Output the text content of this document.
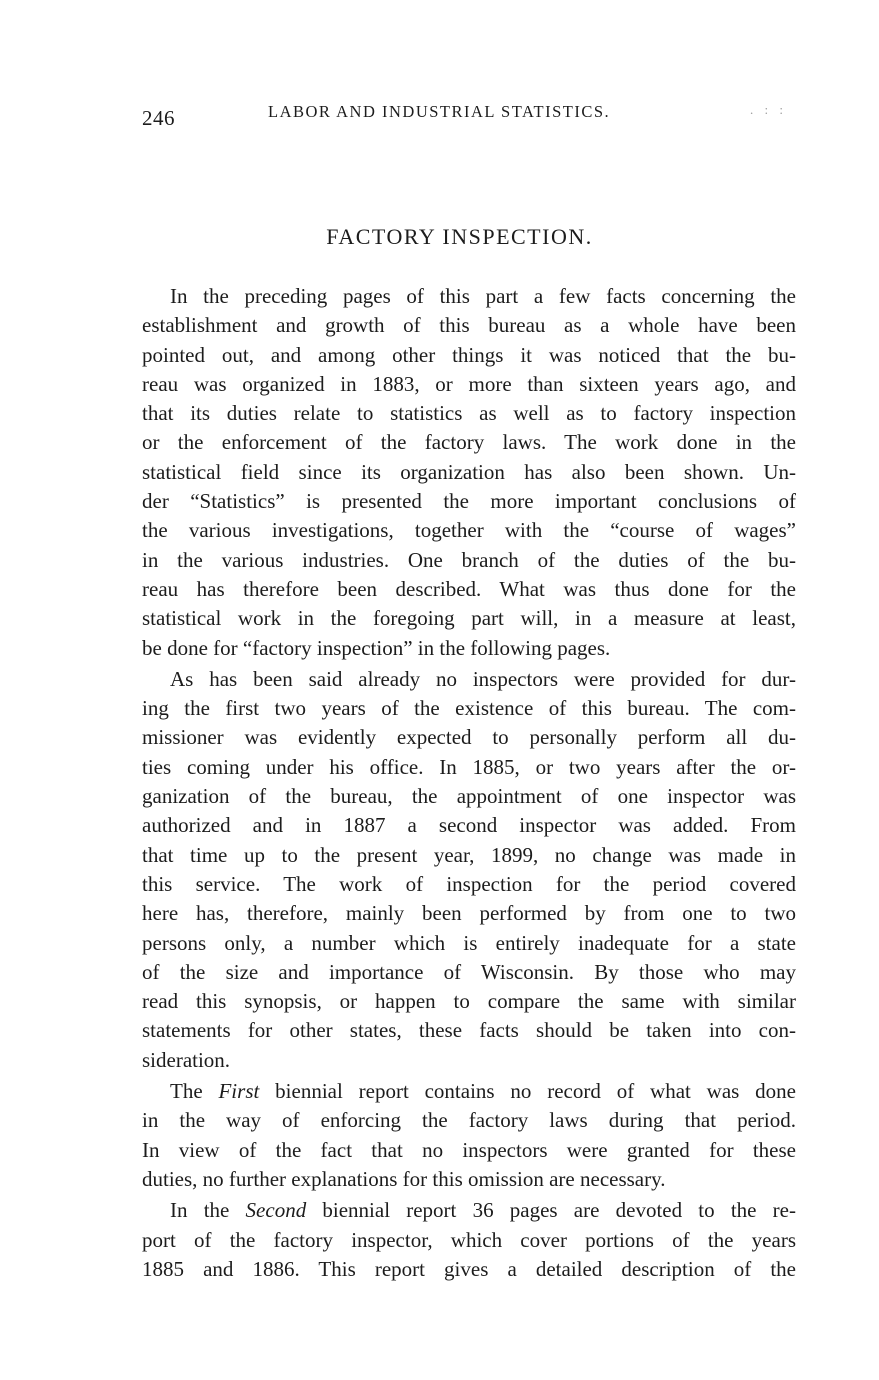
246	LABOR AND INDUSTRIAL STATISTICS.	. : :
FACTORY INSPECTION.
In the preceding pages of this part a few facts concerning the
establishment and growth of this bureau as a whole have been
pointed out, and among other things it was noticed that the bu-
reau was organized in 1883, or more than sixteen years ago, and
that its duties relate to statistics as well as to factory inspection
or the enforcement of the factory laws. The work done in the
statistical field since its organization has also been shown. Un-
der “Statistics” is presented the more important conclusions of
the various investigations, together with the “course of wages”
in the various industries. One branch of the duties of the bu-
reau has therefore been described. What was thus done for the
statistical work in the foregoing part will, in a measure at least,
be done for “factory inspection” in the following pages.
As has been said already no inspectors were provided for dur-
ing the first two years of the existence of this bureau. The com-
missioner was evidently expected to personally perform all du-
ties coming under his office. In 1885, or two years after the or-
ganization of the bureau, the appointment of one inspector was
authorized and in 1887 a second inspector was added. From
that time up to the present year, 1899, no change was made in
this service. The work of inspection for the period covered
here has, therefore, mainly been performed by from one to two
persons only, a number which is entirely inadequate for a state
of the size and importance of Wisconsin. By those who may
read this synopsis, or happen to compare the same with similar
statements for other states, these facts should be taken into con-
sideration.
The First biennial report contains no record of what was done
in the way of enforcing the factory laws during that period.
In view of the fact that no inspectors were granted for these
duties, no further explanations for this omission are necessary.
In the Second biennial report 36 pages are devoted to the re-
port of the factory inspector, which cover portions of the years
1885 and 1886. This report gives a detailed description of the
